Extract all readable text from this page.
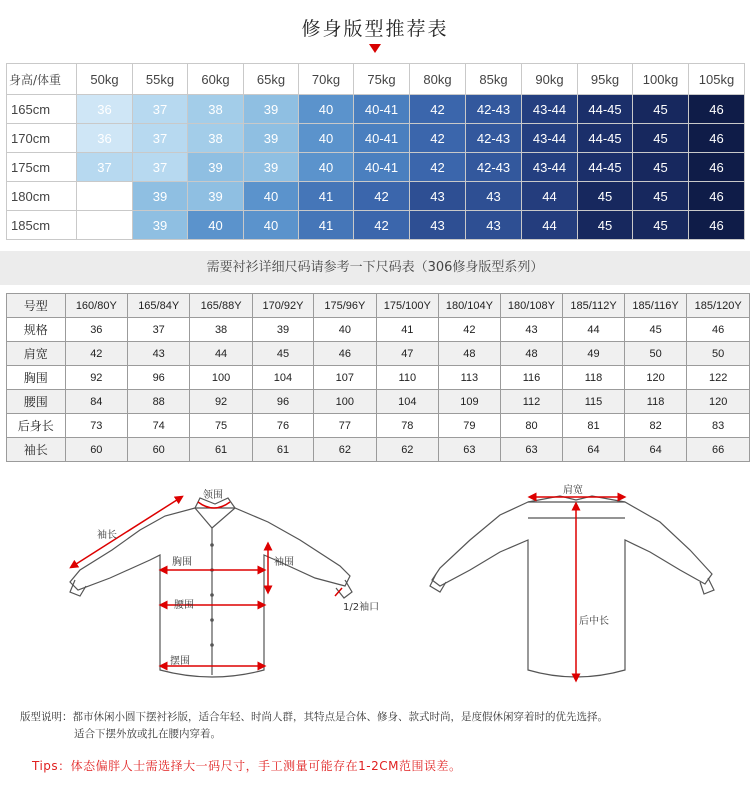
修身版型推荐表
身高/体重	50kg	55kg	60kg	65kg	70kg	75kg	80kg	85kg	90kg	95kg	100kg	105kg
165cm	36	37	38	39	40	40-41	42	42-43	43-44	44-45	45	46
170cm	36	37	38	39	40	40-41	42	42-43	43-44	44-45	45	46
175cm	37	37	39	39	40	40-41	42	42-43	43-44	44-45	45	46
180cm		39	39	40	41	42	43	43	44	45	45	46
185cm		39	40	40	41	42	43	43	44	45	45	46
需要衬衫详细尺码请参考一下尺码表（306修身版型系列）
号型	160/80Y	165/84Y	165/88Y	170/92Y	175/96Y	175/100Y	180/104Y	180/108Y	185/112Y	185/116Y	185/120Y
规格	36	37	38	39	40	41	42	43	44	45	46
肩宽	42	43	44	45	46	47	48	48	49	50	50
胸围	92	96	100	104	107	110	113	116	118	120	122
腰围	84	88	92	96	100	104	109	112	115	118	120
后身长	73	74	75	76	77	78	79	80	81	82	83
袖长	60	60	61	61	62	62	63	63	64	64	66
领围
袖长
胸围	袖围
腰围	1/2袖口
摆围
肩宽
后中长
版型说明：都市休闲小圆下摆衬衫版，适合年轻、时尚人群，其特点是合体、修身、款式时尚，是度假休闲穿着时的优先选择。
适合下摆外放或扎在腰内穿着。
Tips：体态偏胖人士需选择大一码尺寸，手工测量可能存在1-2CM范围误差。
